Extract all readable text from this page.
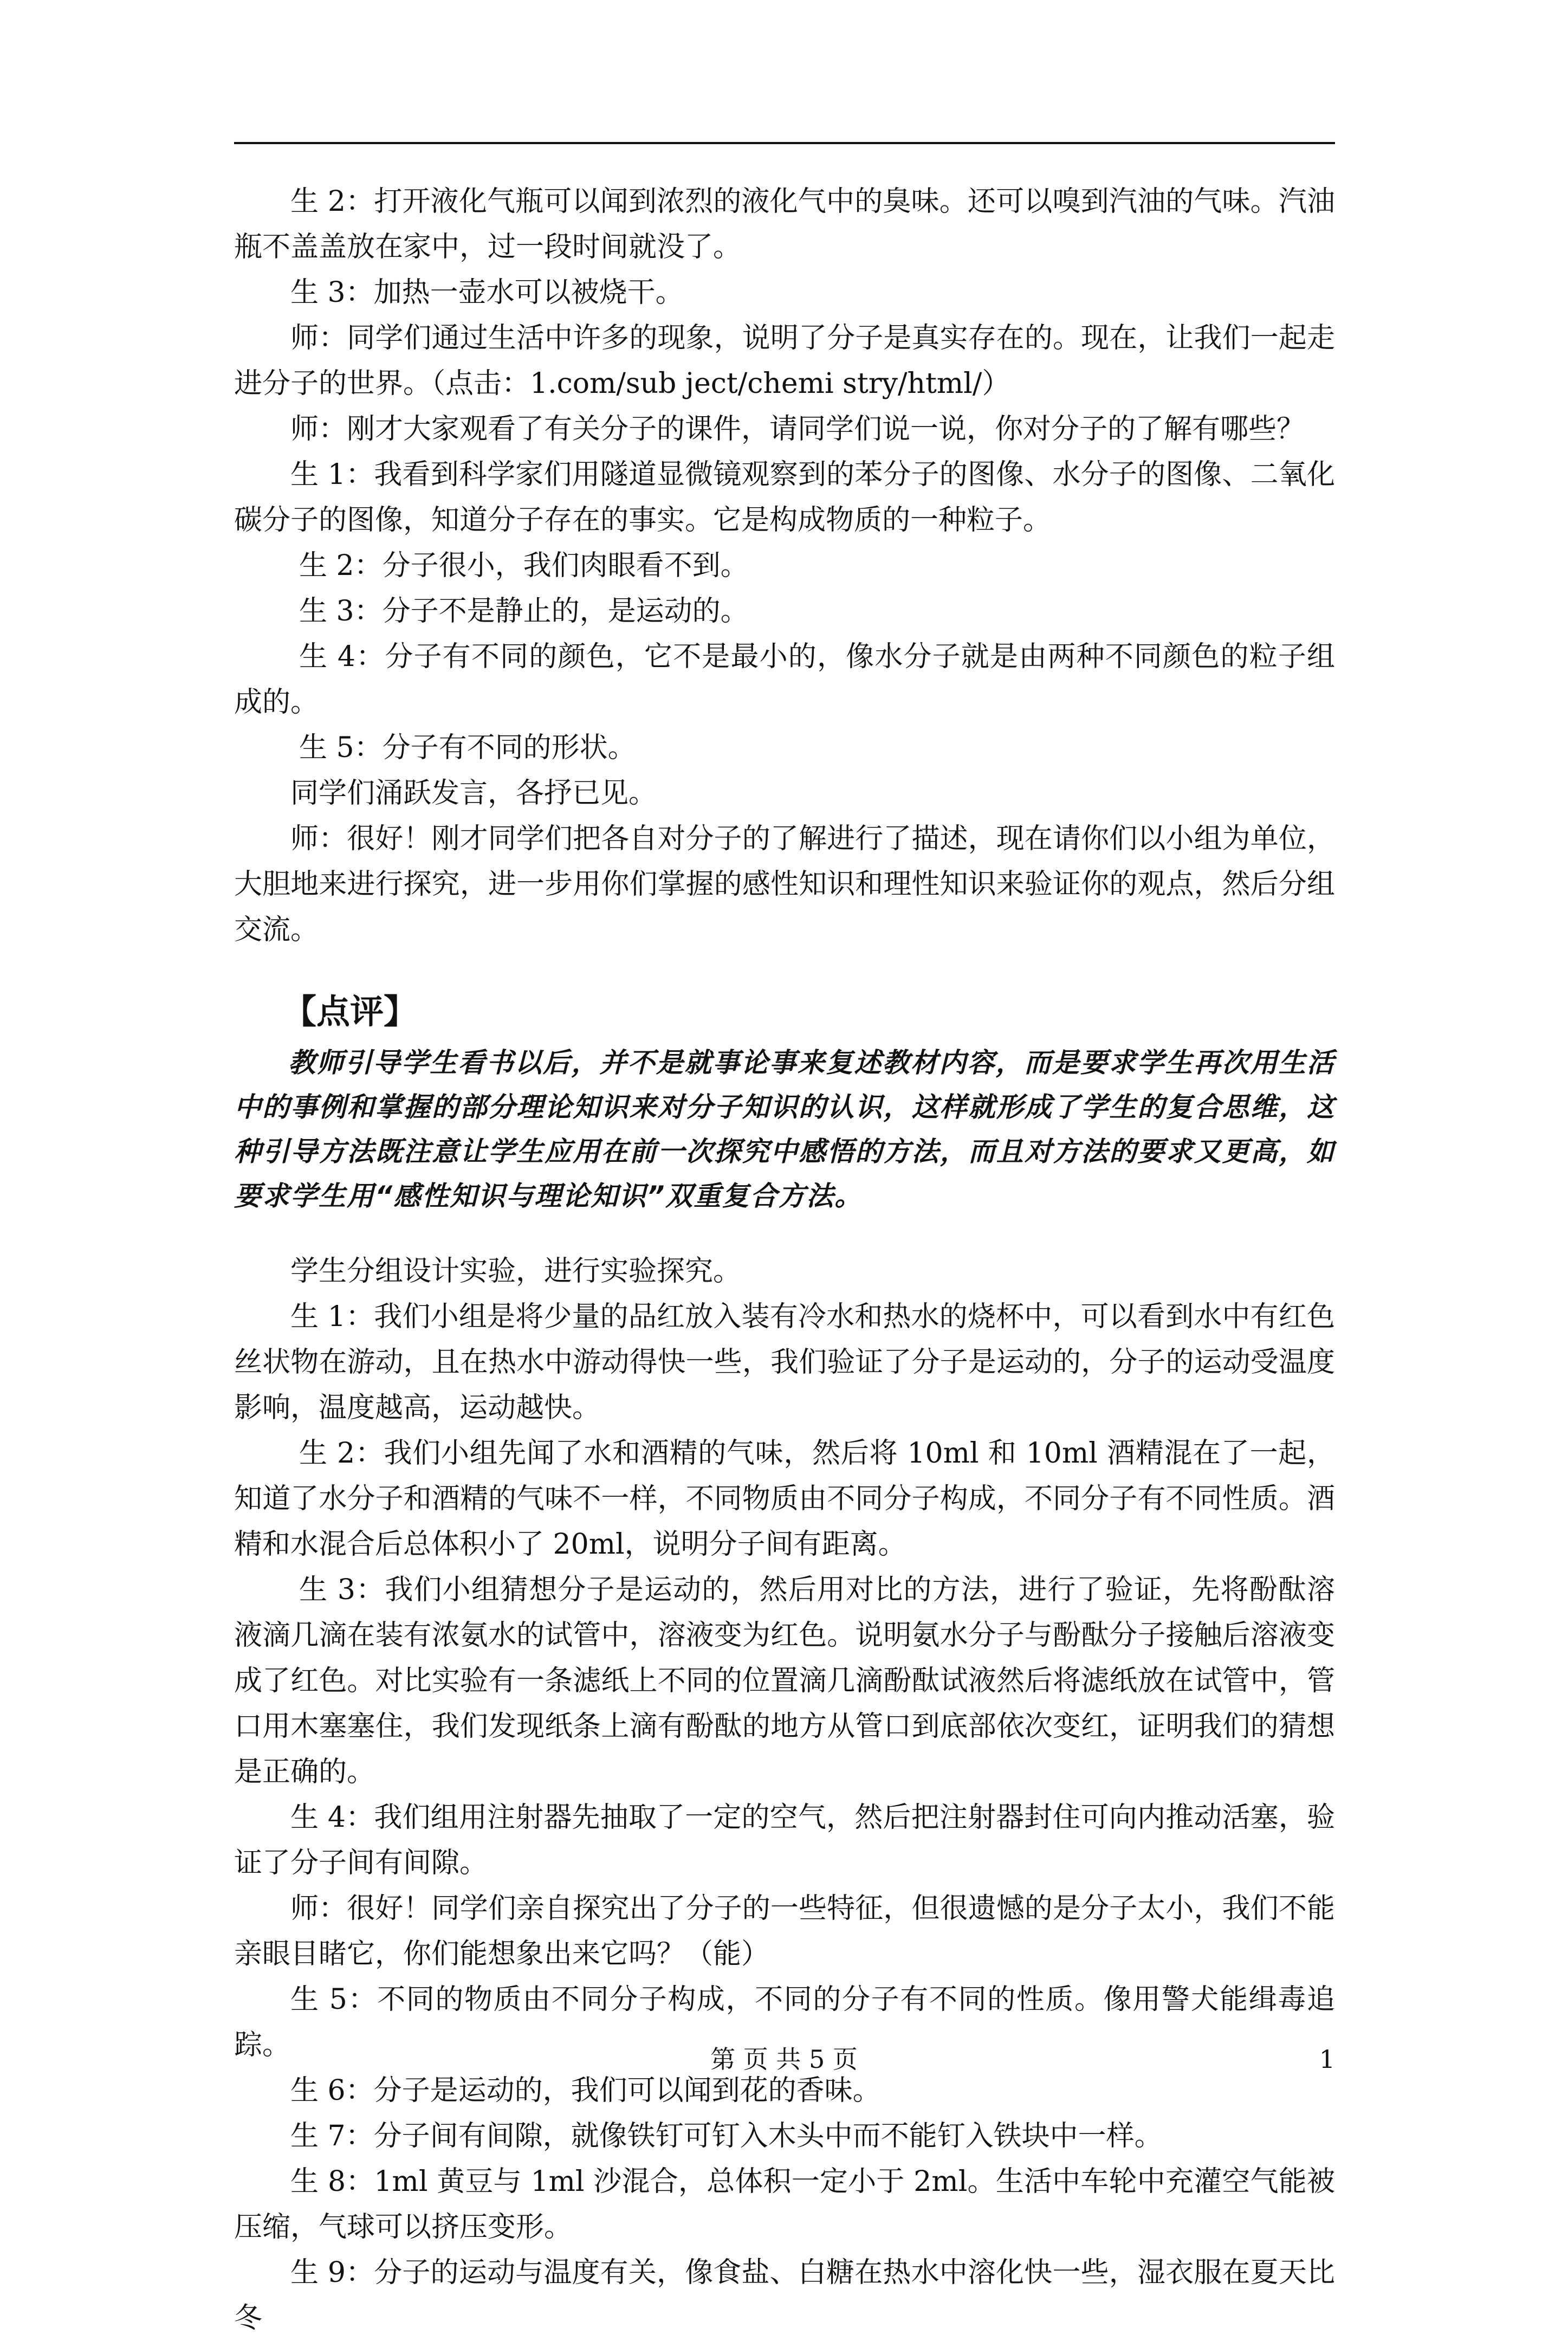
生 2：打开液化气瓶可以闻到浓烈的液化气中的臭味。还可以嗅到汽油的气味。汽油瓶不盖盖放在家中，过一段时间就没了。

生 3：加热一壶水可以被烧干。

师：同学们通过生活中许多的现象，说明了分子是真实存在的。现在，让我们一起走进分子的世界。（点击：1.com/sub ject/chemi stry/html/）

师：刚才大家观看了有关分子的课件，请同学们说一说，你对分子的了解有哪些？

生 1：我看到科学家们用隧道显微镜观察到的苯分子的图像、水分子的图像、二氧化碳分子的图像，知道分子存在的事实。它是构成物质的一种粒子。

生 2：分子很小，我们肉眼看不到。

生 3：分子不是静止的，是运动的。

生 4：分子有不同的颜色，它不是最小的，像水分子就是由两种不同颜色的粒子组成的。

生 5：分子有不同的形状。

同学们涌跃发言，各抒已见。

师：很好！刚才同学们把各自对分子的了解进行了描述，现在请你们以小组为单位，大胆地来进行探究，进一步用你们掌握的感性知识和理性知识来验证你的观点，然后分组交流。

【点评】

教师引导学生看书以后，并不是就事论事来复述教材内容，而是要求学生再次用生活中的事例和掌握的部分理论知识来对分子知识的认识，这样就形成了学生的复合思维，这种引导方法既注意让学生应用在前一次探究中感悟的方法，而且对方法的要求又更高，如要求学生用“感性知识与理论知识”双重复合方法。

学生分组设计实验，进行实验探究。

生 1：我们小组是将少量的品红放入装有冷水和热水的烧杯中，可以看到水中有红色丝状物在游动，且在热水中游动得快一些，我们验证了分子是运动的，分子的运动受温度影响，温度越高，运动越快。

生 2：我们小组先闻了水和酒精的气味，然后将 10ml 和 10ml 酒精混在了一起，知道了水分子和酒精的气味不一样，不同物质由不同分子构成，不同分子有不同性质。酒精和水混合后总体积小了 20ml，说明分子间有距离。

生 3：我们小组猜想分子是运动的，然后用对比的方法，进行了验证，先将酚酞溶液滴几滴在装有浓氨水的试管中，溶液变为红色。说明氨水分子与酚酞分子接触后溶液变成了红色。对比实验有一条滤纸上不同的位置滴几滴酚酞试液然后将滤纸放在试管中，管口用木塞塞住，我们发现纸条上滴有酚酞的地方从管口到底部依次变红，证明我们的猜想是正确的。

生 4：我们组用注射器先抽取了一定的空气，然后把注射器封住可向内推动活塞，验证了分子间有间隙。

师：很好！同学们亲自探究出了分子的一些特征，但很遗憾的是分子太小，我们不能亲眼目睹它，你们能想象出来它吗？（能）

生 5：不同的物质由不同分子构成，不同的分子有不同的性质。像用警犬能缉毒追踪。

生 6：分子是运动的，我们可以闻到花的香味。

生 7：分子间有间隙，就像铁钉可钉入木头中而不能钉入铁块中一样。

生 8：1ml 黄豆与 1ml 沙混合，总体积一定小于 2ml。生活中车轮中充灌空气能被压缩，气球可以挤压变形。

生 9：分子的运动与温度有关，像食盐、白糖在热水中溶化快一些，湿衣服在夏天比冬

第 页 共 5 页	1
